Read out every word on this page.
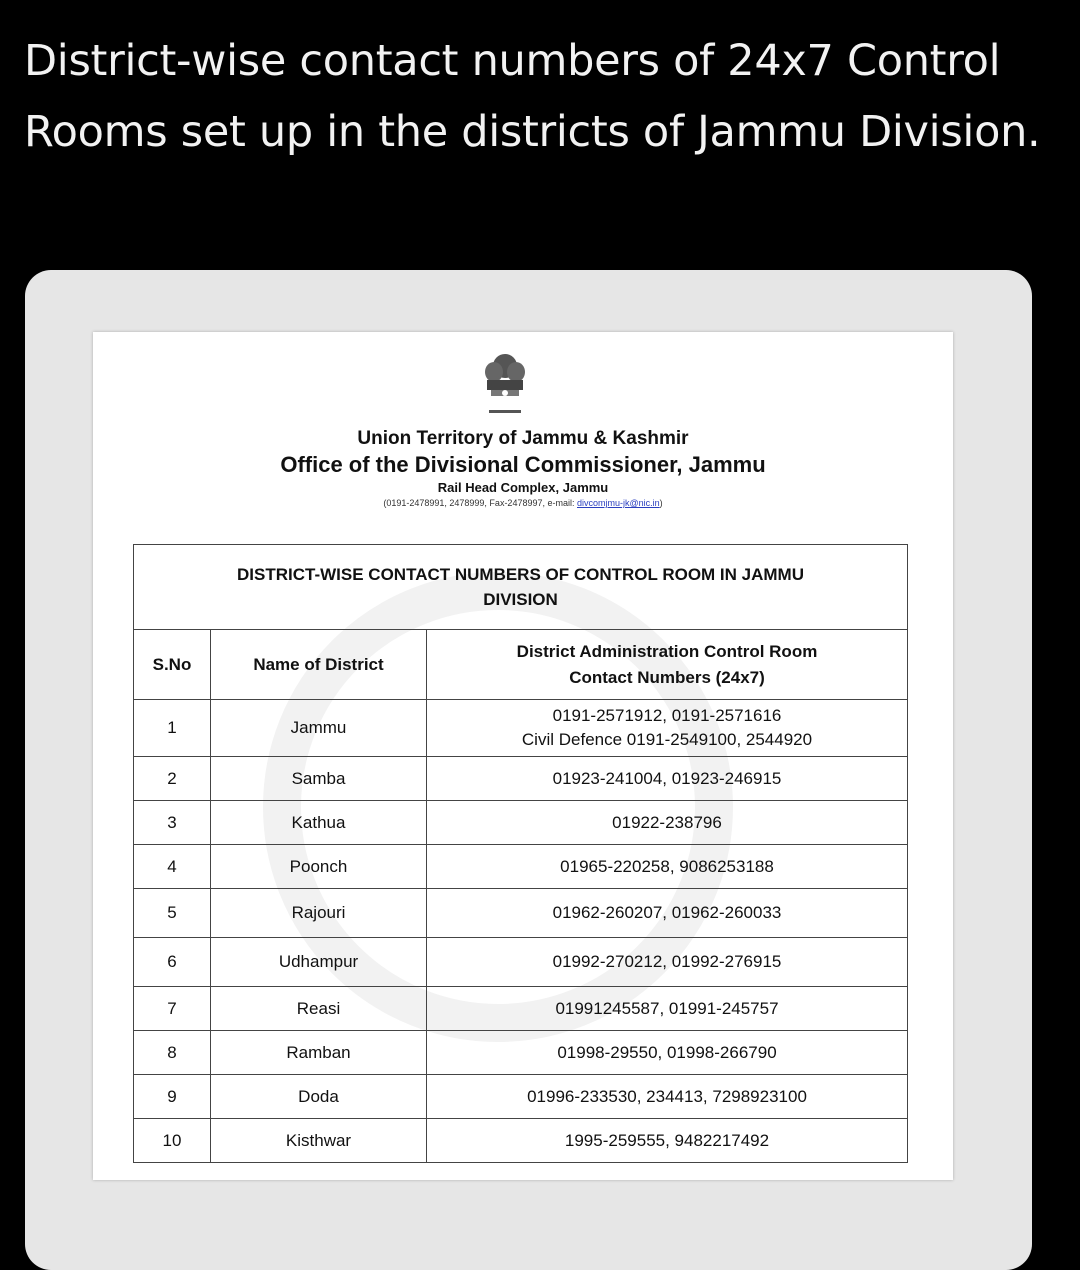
District-wise contact numbers of 24x7 Control Rooms set up in the districts of Jammu Division.
Union Territory of Jammu & Kashmir
Office of the Divisional Commissioner, Jammu
Rail Head Complex, Jammu
(0191-2478991, 2478999, Fax-2478997, e-mail: divcomjmu-jk@nic.in)
DISTRICT-WISE CONTACT NUMBERS OF CONTROL ROOM IN JAMMU
DIVISION		

S.No	Name of District	District Administration Control Room
Contact Numbers (24x7)

1	Jammu	0191-2571912, 0191-2571616
Civil Defence 0191-2549100, 2544920

2	Samba	01923-241004, 01923-246915
3	Kathua	01922-238796
4	Poonch	01965-220258, 9086253188
5	Rajouri	01962-260207, 01962-260033
6	Udhampur	01992-270212, 01992-276915
7	Reasi	01991245587, 01991-245757
8	Ramban	01998-29550, 01998-266790
9	Doda	01996-233530, 234413, 7298923100
10	Kisthwar	1995-259555, 9482217492
